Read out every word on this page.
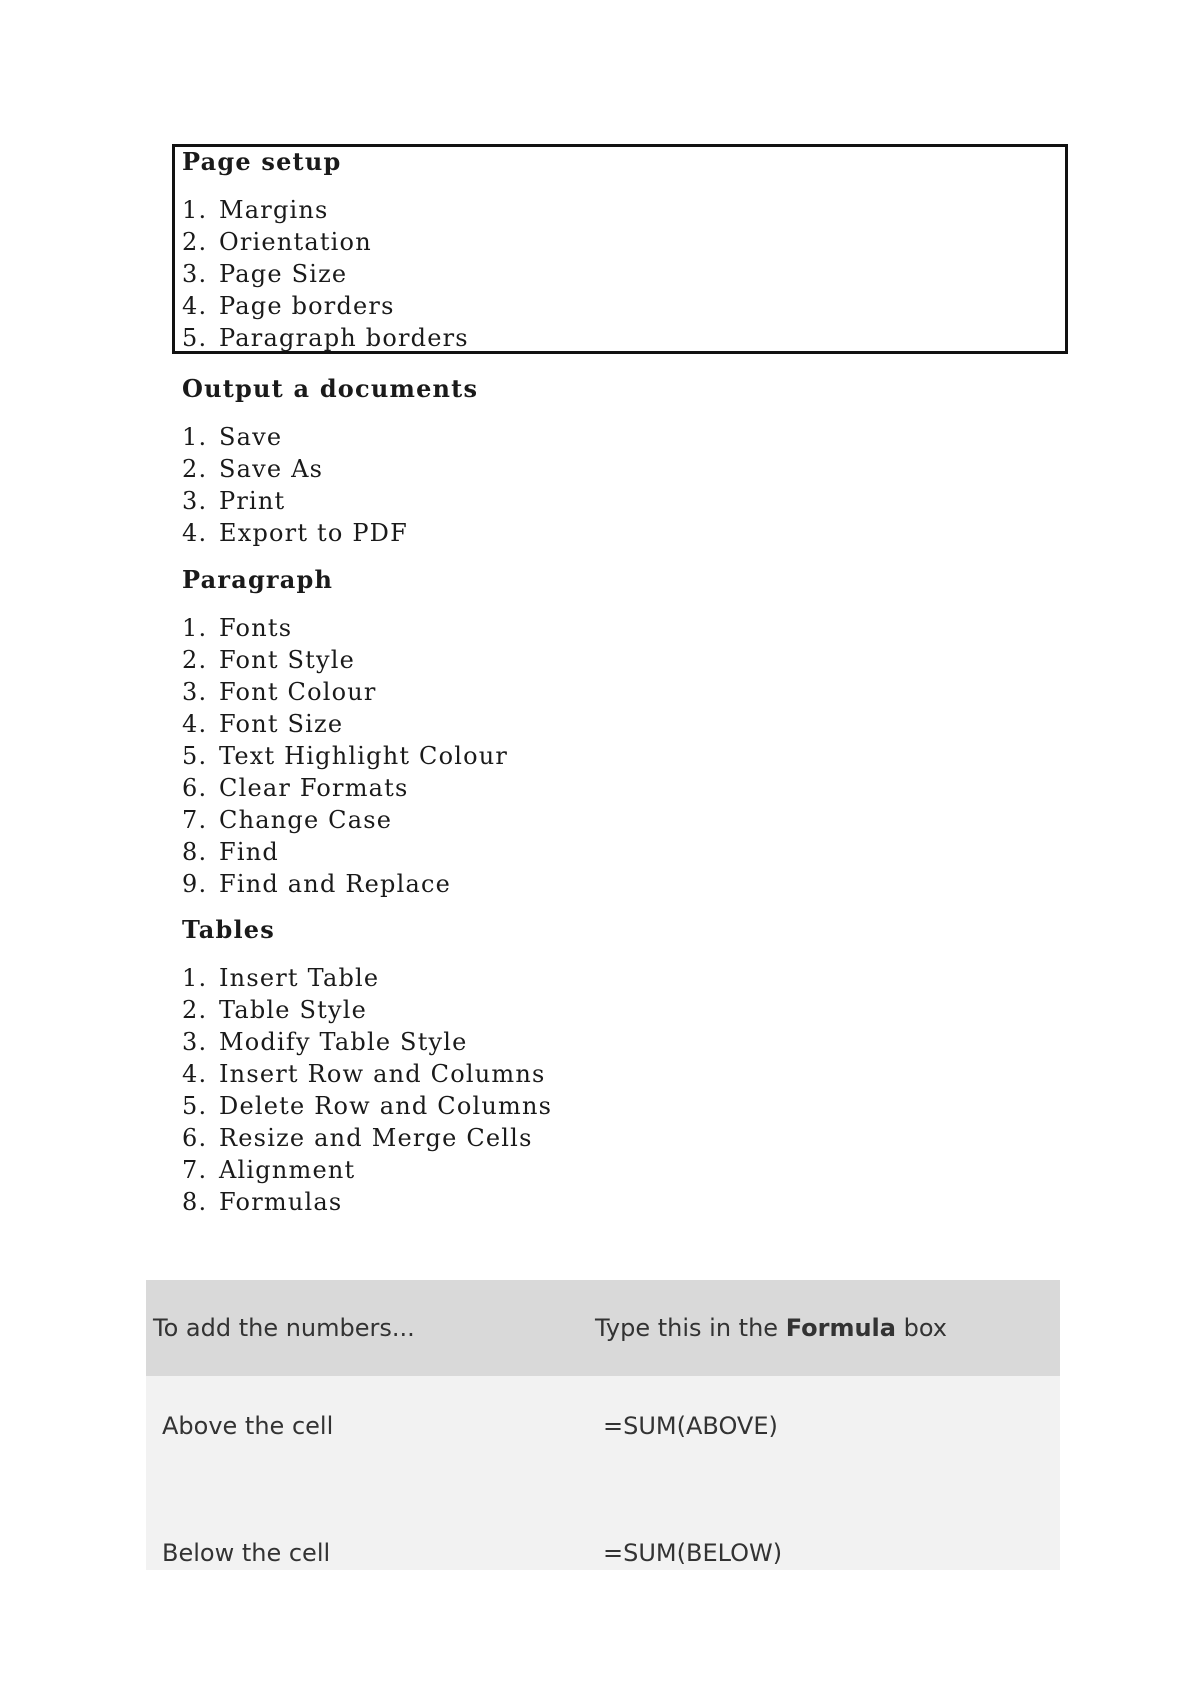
Page setup
1. Margins
2. Orientation
3. Page Size
4. Page borders
5. Paragraph borders
Output a documents
1. Save
2. Save As
3. Print
4. Export to PDF
Paragraph
1. Fonts
2. Font Style
3. Font Colour
4. Font Size
5. Text Highlight Colour
6. Clear Formats
7. Change Case
8. Find
9. Find and Replace
Tables
1. Insert Table
2. Table Style
3. Modify Table Style
4. Insert Row and Columns
5. Delete Row and Columns
6. Resize and Merge Cells
7. Alignment
8. Formulas
To add the numbers...	Type this in the Formula box
Above the cell	=SUM(ABOVE)
Below the cell	=SUM(BELOW)
